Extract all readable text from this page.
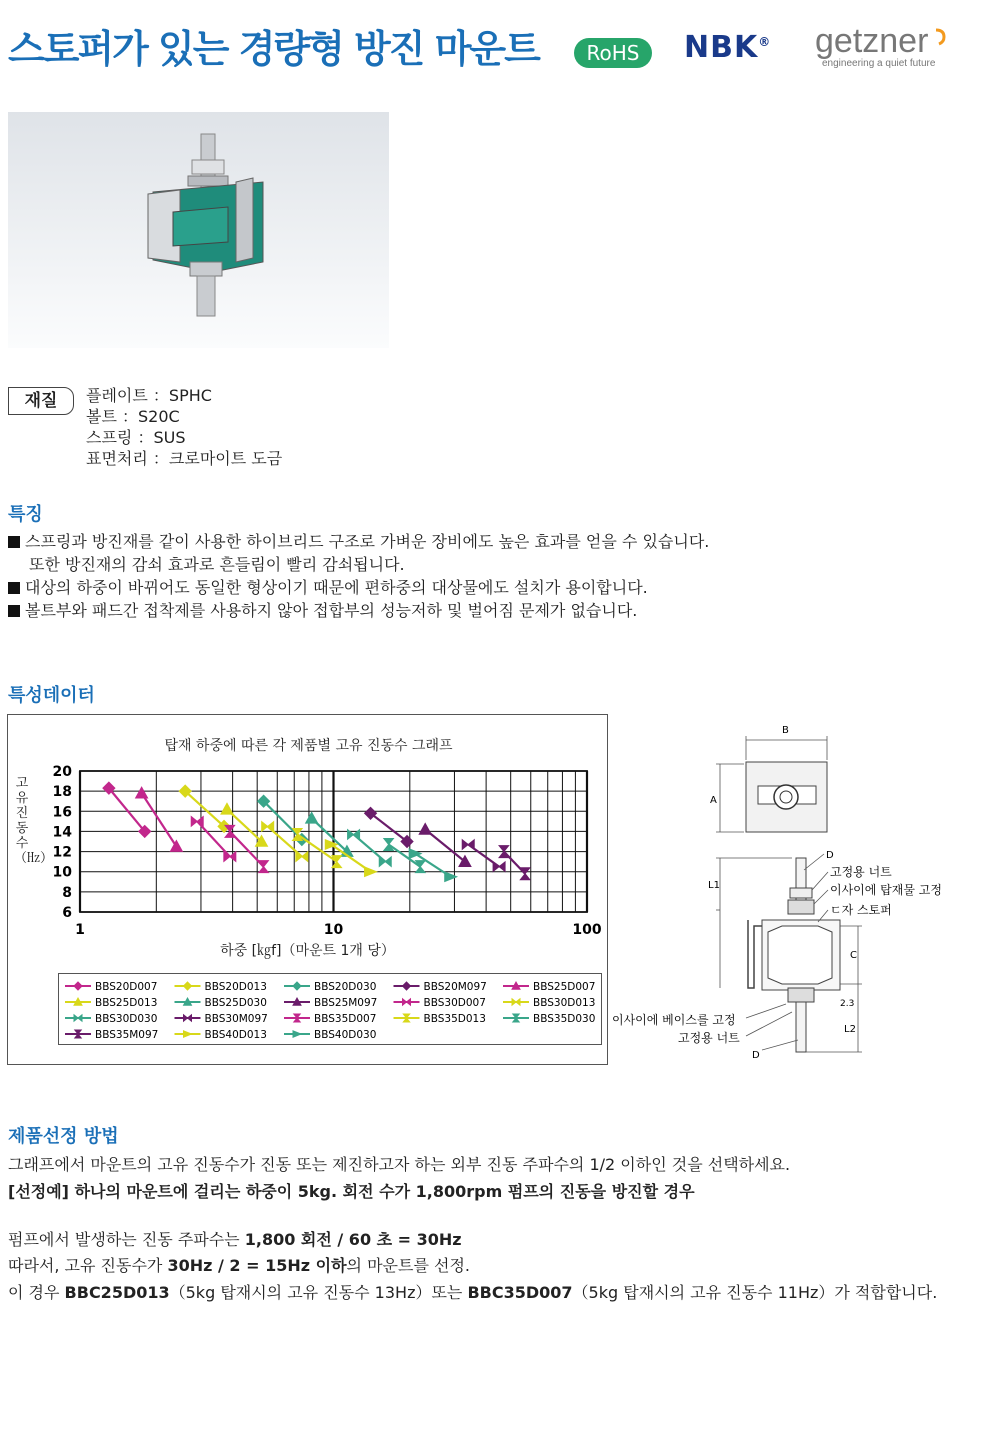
스토퍼가 있는 경량형 방진 마운트	RoHS	NBK® getzner
engineering a quiet future
재질	플레이트 ：SPHC
볼트 ：S20C
스프링 ：SUS
표면처리 ：크로마이트 도금
특징
스프링과 방진재를 같이 사용한 하이브리드 구조로 가벼운 장비에도 높은 효과를 얻을 수 있습니다.
또한 방진재의 감쇠 효과로 흔들림이 빨리 감쇠됩니다.
대상의 하중이 바뀌어도 동일한 형상이기 때문에 편하중의 대상물에도 설치가 용이합니다.
볼트부와 패드간 접착제를 사용하지 않아 접합부의 성능저하 및 벌어짐 문제가 없습니다.
특성데이터
탑재 하중에 따른 각 제품별 고유 진동수 그래프
고유진동수（㎐）
6
8
10
12
14
16
18
20
1	10	100
하중 [㎏f]（마운트 1개 당）
BBS20D007	BBS20D013	BBS20D030	BBS20M097	BBS25D007
BBS25D013	BBS25D030	BBS25M097	BBS30D007	BBS30D013
BBS30D030	BBS30M097	BBS35D007	BBS35D013	BBS35D030
BBS35M097	BBS40D013	BBS40D030
B
A
L1
C
2.3
L2
D
고정용 너트
이사이에 탑재물 고정
ㄷ자 스토퍼
이사이에 베이스를 고정
고정용 너트
D
제품선정 방법
그래프에서 마운트의 고유 진동수가 진동 또는 제진하고자 하는 외부 진동 주파수의 1/2 이하인 것을 선택하세요.
[선정예] 하나의 마운트에 걸리는 하중이 5kg. 회전 수가 1,800rpm 펌프의 진동을 방진할 경우
펌프에서 발생하는 진동 주파수는 1,800 회전 / 60 초 = 30Hz
따라서, 고유 진동수가 30Hz / 2 = 15Hz 이하의 마운트를 선정.
이 경우 BBC25D013（5kg 탑재시의 고유 진동수 13Hz）또는 BBC35D007（5kg 탑재시의 고유 진동수 11Hz）가 적합합니다.
